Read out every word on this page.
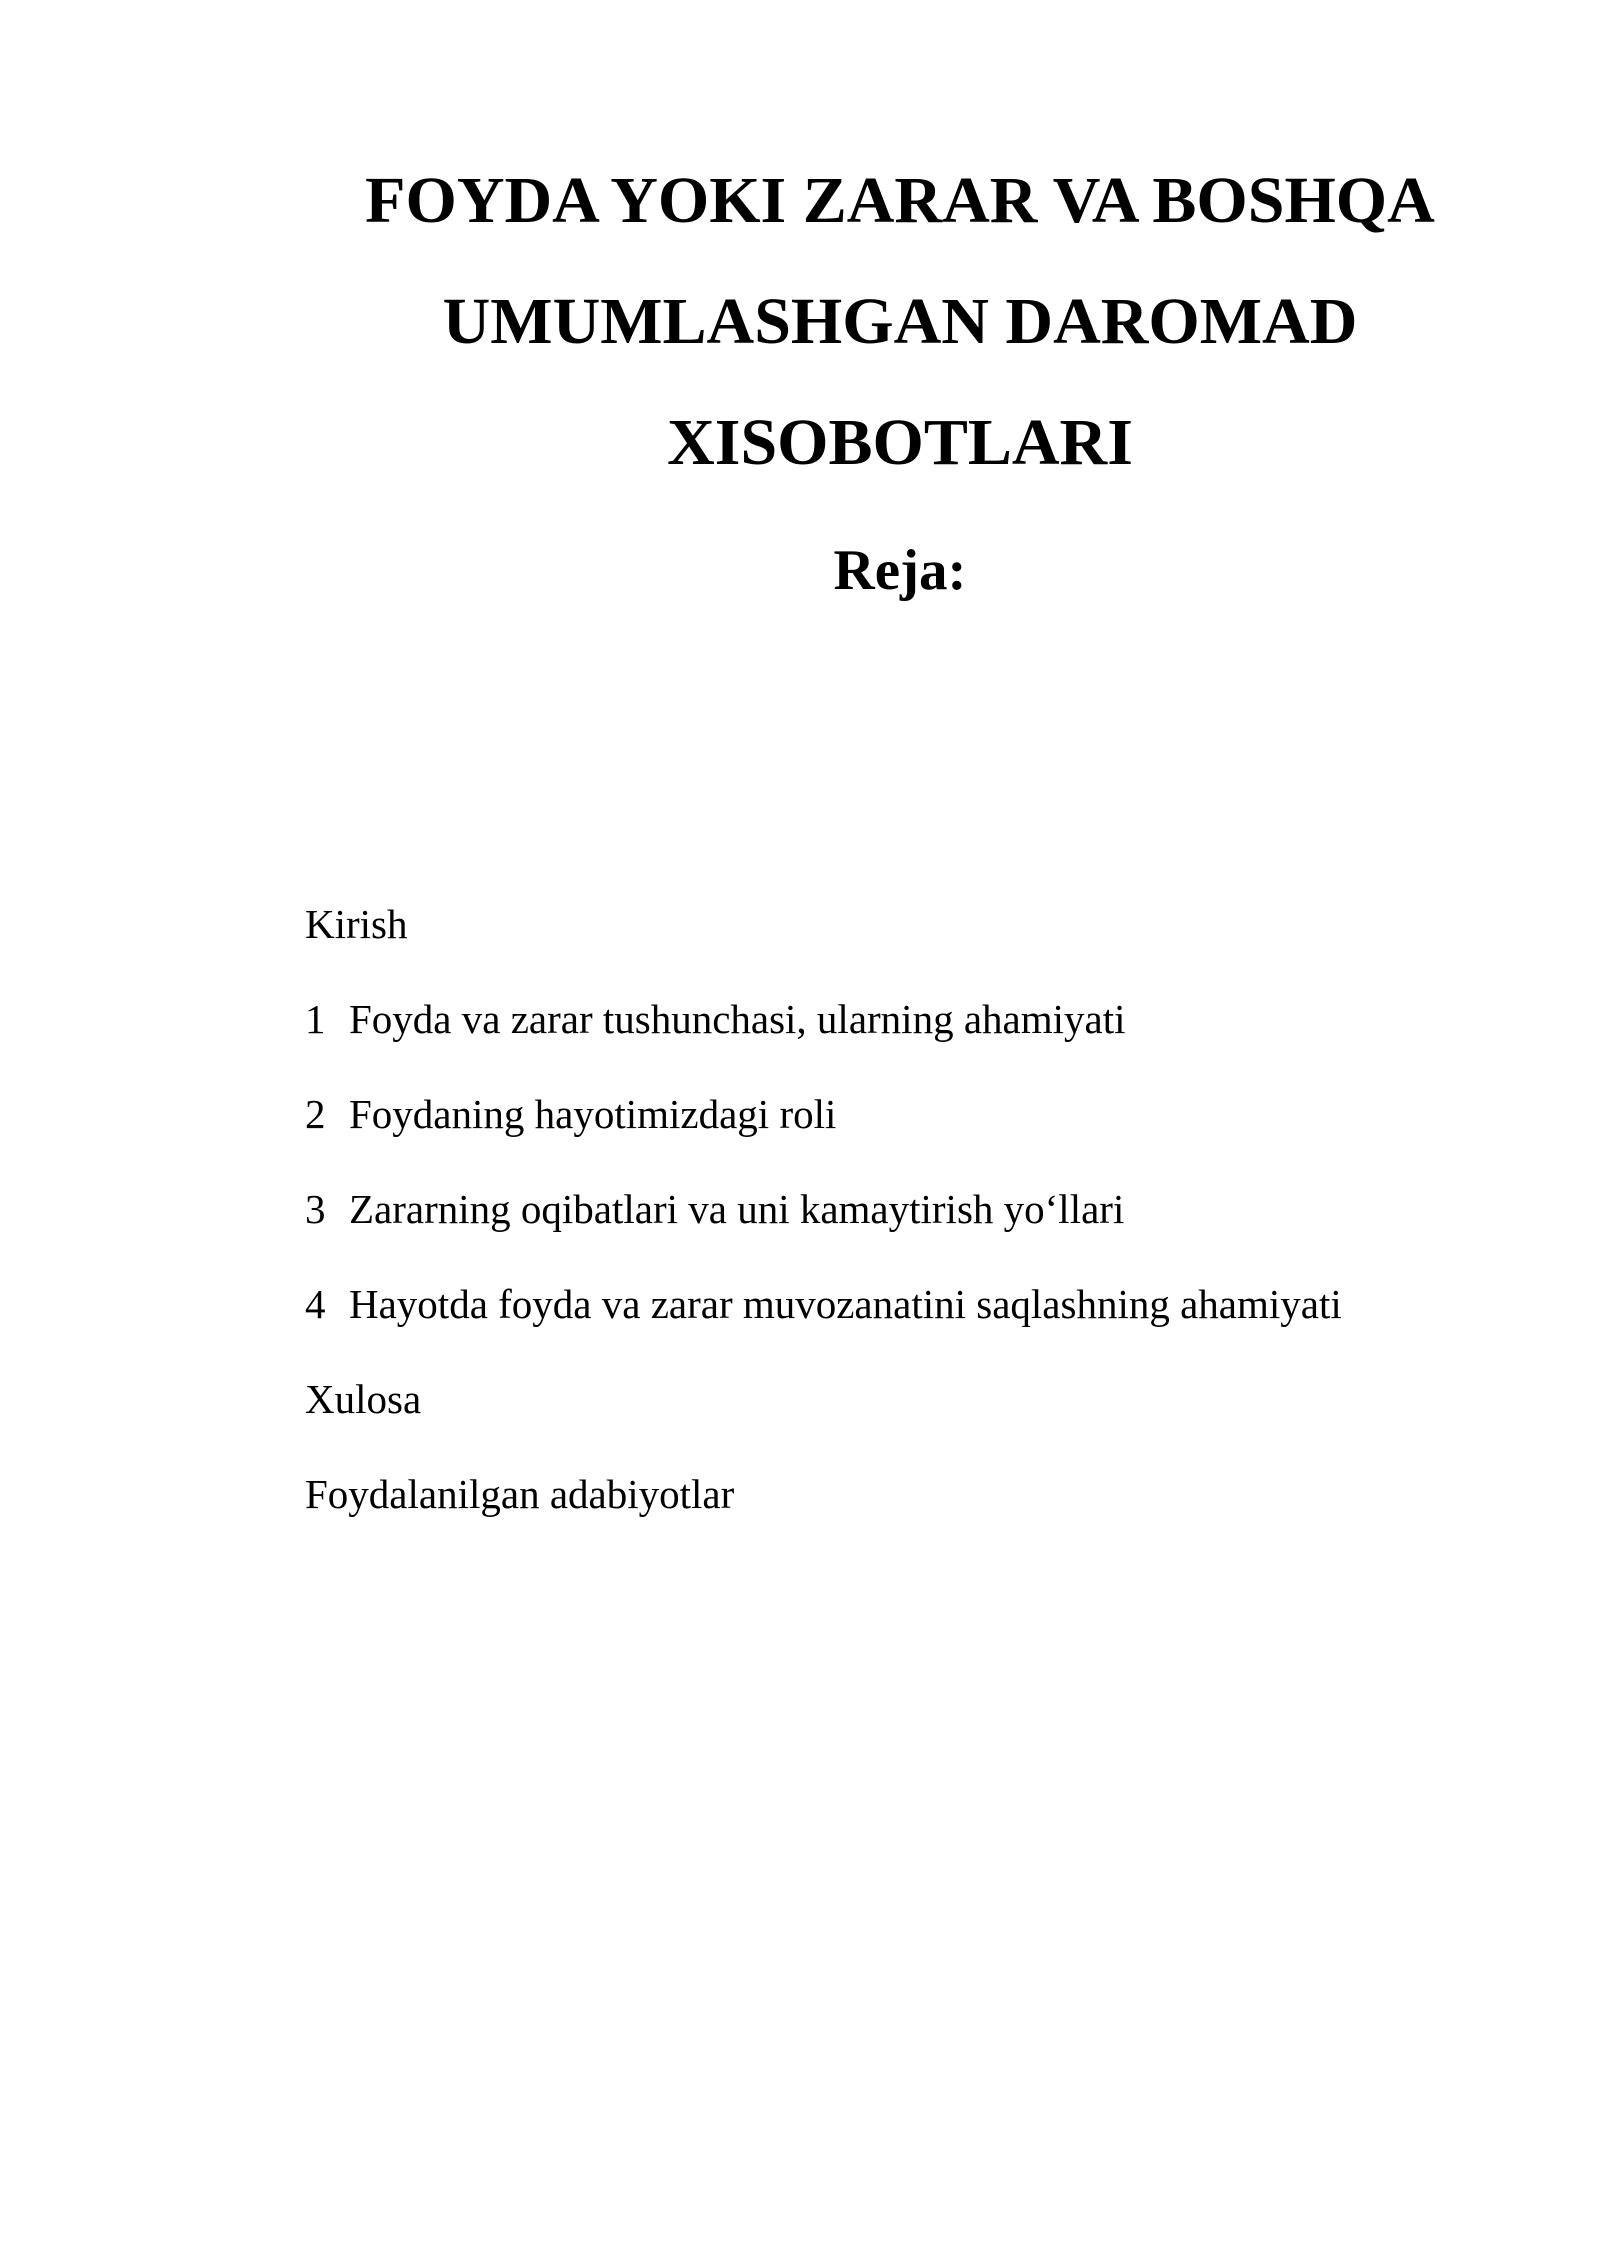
FOYDA YOKI ZARAR VA BOSHQA

UMUMLASHGAN DAROMAD

XISOBOTLARI

Reja:

Kirish
1 Foyda va zarar tushunchasi, ularning ahamiyati
2 Foydaning hayotimizdagi roli
3 Zararning oqibatlari va uni kamaytirish yo‘llari
4 Hayotda foyda va zarar muvozanatini saqlashning ahamiyati
Xulosa
Foydalanilgan adabiyotlar
